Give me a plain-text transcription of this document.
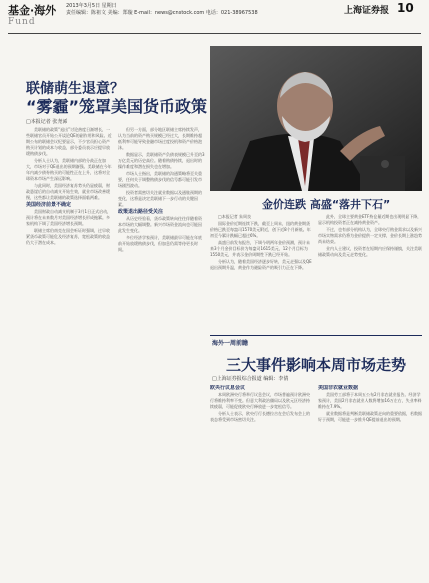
基金·海外 2013年3月5日 星期日
责任编辑：陈祖文 美编：郑璇 E-mail：news@cnstock.com 电话：021-38967538	上海证券报 10
Fund
联储萌生退意？
“雾霾”笼罩美国货币政策
□本报记者 张尧浠

美联储的政策“退出”讨论热度日渐增长，一些联储官员开始公开谈论QE的副作用和风险。近期公布的联储会议纪要显示，不少官员担心资产购买计划的成本与收益，部分委员表示应提早放缓购债步伐。

分析人士认为，美联储内部的分歧正在加大，市场对于QE退出的预期渐强。美联储在今年年内减少债券购买的可能性正在上升，这将对全球资本市场产生深远影响。

与此同时，美国经济复苏势头仍显疲弱，财政悬崖后的自动减支开始生效，就业市场改善缓慢，这些都让美联储的政策选择面临两难。

美国经济前景不确定

美国财政自动减支机制于3月1日正式启动，预计将在未来数月对美国经济增长形成拖累。多家机构下调了美国经济增长预期。

联储主席伯南克在国会听证时强调，过早收紧货币政策可能危及经济复苏，宽松政策的收益仍大于潜在成本。

但另一方面，部分地区联储主席持续发声，认为当前的资产购买规模已经过大，长期维持超低利率可能导致金融市场过度投机和资产价格泡沫。

数据显示，美联储资产负债表规模已升至约3万亿美元的历史高位。随着购债持续，退出时的操作难度和潜在损失也在增加。

市场人士指出，美联储的沟通策略将至关重要，任何关于调整购债步伐的信号都可能引发市场剧烈波动。

投资者需密切关注就业数据以及通胀预期的变化，这将是决定美联储下一步行动的关键因素。

政策退出路径受关注

从历史经验看，货币政策转向往往伴随着资本市场的大幅调整。新兴市场资金流向也可能因此发生变化。

多位经济学家预计，美联储最早可能在年底前开始放缓购债步伐，但加息仍需等待更长时间。

金价连跌 高盛“落井下石”

□本报记者 朱周良

国际金价近期连续下跌，截至上周末，纽约黄金期货价格已跌至每盎司1570美元附近，创下近8个月新低。年初至今累计跌幅已超过6%。

高盛日前发布报告，下调今明两年金价预测，预计未来3个月金价目标价为每盎司1615美元，12个月目标为1550美元，并表示金价周期性下跌已经开始。

分析认为，随着美国经济逐步好转，美元走强以及QE退出预期升温，黄金作为避险资产的吸引力正在下降。

此外，全球主要黄金ETF持仓量近期也出现明显下降，显示机构投资者正在减持黄金资产。

不过，也有部分机构认为，全球央行购金需求以及新兴市场实物需求仍将为金价提供一定支撑，金价长期上涨趋势尚未结束。

业内人士建议，投资者在短期内应保持谨慎，关注美联储政策动向及美元走势变化。

海外一周前瞻
三大事件影响本周市场走势
□上海证券报综合报道 编辑：李倩

欧央行议息会议

本周欧洲央行将举行议息会议，市场普遍预计欧洲央行将维持利率不变。但意大利政治僵局以及欧元区经济持续疲弱，可能促使欧央行释放进一步宽松信号。

分析人士表示，欧央行行长德拉吉在会后发布会上的表态将受到市场密切关注。

美国非农就业数据

美国劳工部将于本周五公布2月非农就业报告。经济学家预计，美国2月非农就业人数将增加16万左右，失业率料维持在7.9%。

就业数据将是判断美联储政策走向的重要依据，若数据好于预期，可能进一步推升QE提前退出的预期。
